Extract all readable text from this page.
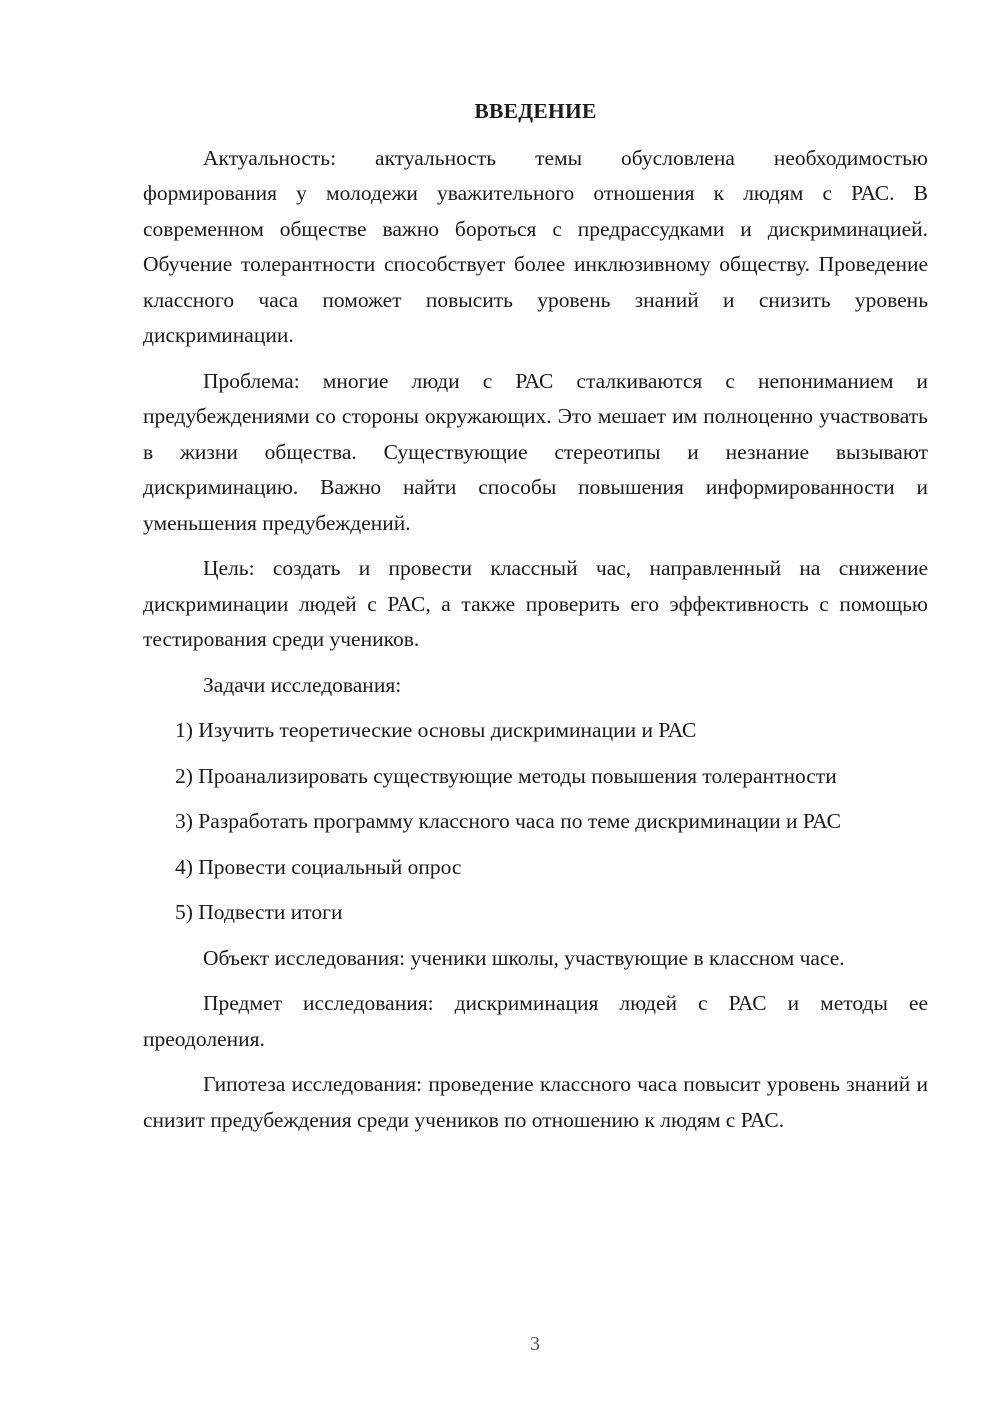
ВВЕДЕНИЕ

Актуальность: актуальность темы обусловлена необходимостью формирования у молодежи уважительного отношения к людям с РАС. В современном обществе важно бороться с предрассудками и дискриминацией. Обучение толерантности способствует более инклюзивному обществу. Проведение классного часа поможет повысить уровень знаний и снизить уровень дискриминации.

Проблема: многие люди с РАС сталкиваются с непониманием и предубеждениями со стороны окружающих. Это мешает им полноценно участвовать в жизни общества. Существующие стереотипы и незнание вызывают дискриминацию. Важно найти способы повышения информированности и уменьшения предубеждений.

Цель: создать и провести классный час, направленный на снижение дискриминации людей с РАС, а также проверить его эффективность с помощью тестирования среди учеников.

Задачи исследования:

1) Изучить теоретические основы дискриминации и РАС

2) Проанализировать существующие методы повышения толерантности

3) Разработать программу классного часа по теме дискриминации и РАС

4) Провести социальный опрос

5) Подвести итоги

Объект исследования: ученики школы, участвующие в классном часе.

Предмет исследования: дискриминация людей с РАС и методы ее преодоления.

Гипотеза исследования: проведение классного часа повысит уровень знаний и снизит предубеждения среди учеников по отношению к людям с РАС.

3
